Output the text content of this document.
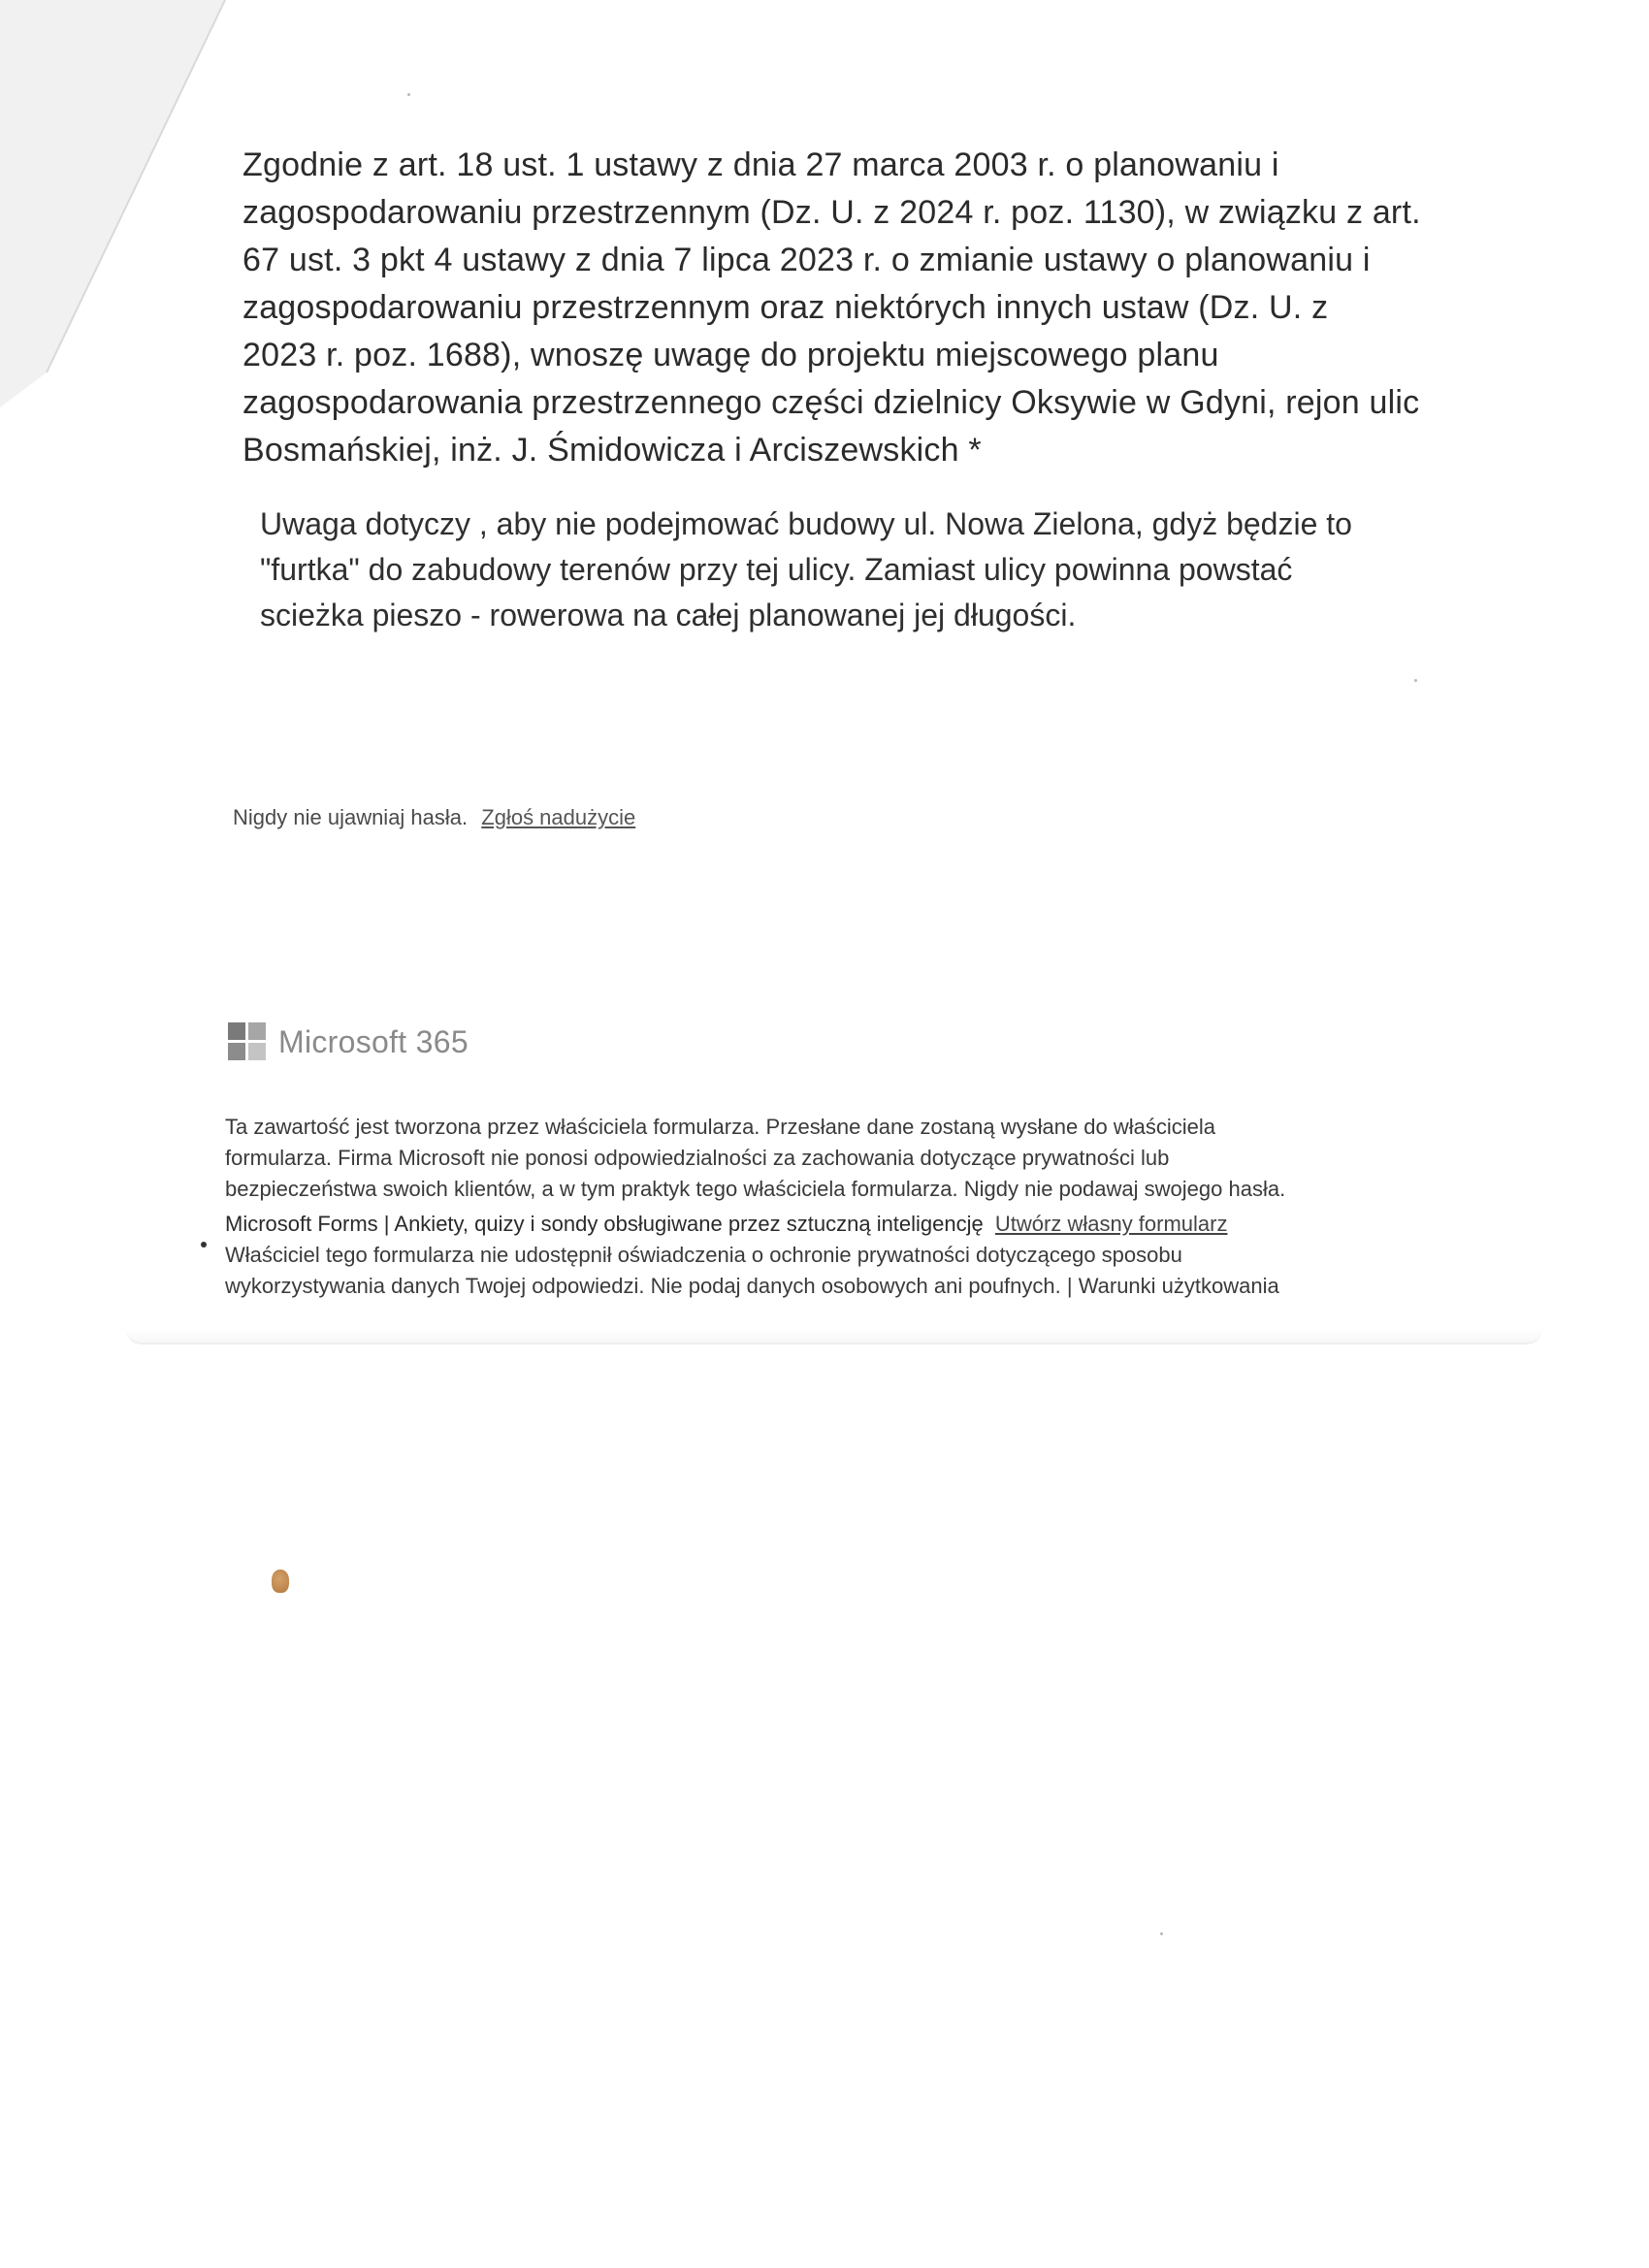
Zgodnie z art. 18 ust. 1 ustawy z dnia 27 marca 2003 r. o planowaniu i
zagospodarowaniu przestrzennym (Dz. U. z 2024 r. poz. 1130), w związku z art.
67 ust. 3 pkt 4 ustawy z dnia 7 lipca 2023 r. o zmianie ustawy o planowaniu i
zagospodarowaniu przestrzennym oraz niektórych innych ustaw (Dz. U. z
2023 r. poz. 1688), wnoszę uwagę do projektu miejscowego planu
zagospodarowania przestrzennego części dzielnicy Oksywie w Gdyni, rejon ulic
Bosmańskiej, inż. J. Śmidowicza i Arciszewskich *
Uwaga dotyczy , aby nie podejmować budowy ul. Nowa Zielona, gdyż będzie to
"furtka" do zabudowy terenów przy tej ulicy. Zamiast ulicy powinna powstać
scieżka pieszo - rowerowa na całej planowanej jej długości.
Nigdy nie ujawniaj hasła. Zgłoś nadużycie
Microsoft 365

Ta zawartość jest tworzona przez właściciela formularza. Przesłane dane zostaną wysłane do właściciela

formularza. Firma Microsoft nie ponosi odpowiedzialności za zachowania dotyczące prywatności lub

bezpieczeństwa swoich klientów, a w tym praktyk tego właściciela formularza. Nigdy nie podawaj swojego hasła.

Microsoft Forms | Ankiety, quizy i sondy obsługiwane przez sztuczną inteligencję Utwórz własny formularz

Właściciel tego formularza nie udostępnił oświadczenia o ochronie prywatności dotyczącego sposobu

wykorzystywania danych Twojej odpowiedzi. Nie podaj danych osobowych ani poufnych. | Warunki użytkowania
